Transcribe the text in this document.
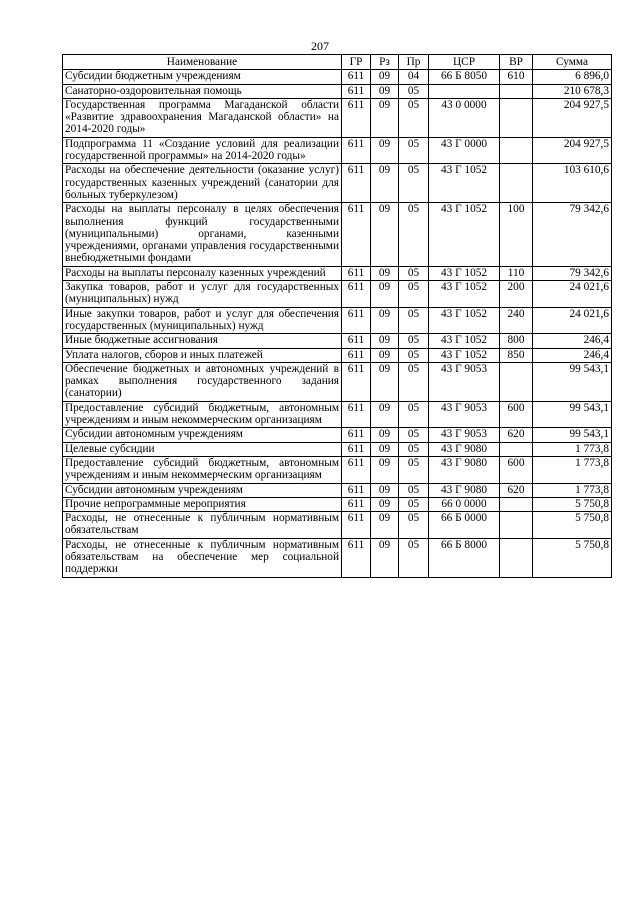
207
Наименование	ГР	Рз	Пр	ЦСР	ВР	Сумма
Субсидии бюджетным учреждениям	611	09	04	66 Б 8050	610	6 896,0
Санаторно-оздоровительная помощь	611	09	05			210 678,3
Государственная программа Магаданской области «Развитие здравоохранения Магаданской области» на 2014-2020 годы»	611	09	05	43 0 0000		204 927,5
Подпрограмма 11 «Создание условий для реализации государственной программы» на 2014-2020 годы»	611	09	05	43 Г 0000		204 927,5
Расходы на обеспечение деятельности (оказание услуг) государственных казенных учреждений (санатории для больных туберкулезом)	611	09	05	43 Г 1052		103 610,6
Расходы на выплаты персоналу в целях обеспечения выполнения функций государственными (муниципальными) органами, казенными учреждениями, органами управления государственными внебюджетными фондами	611	09	05	43 Г 1052	100	79 342,6
Расходы на выплаты персоналу казенных учреждений	611	09	05	43 Г 1052	110	79 342,6
Закупка товаров, работ и услуг для государственных (муниципальных) нужд	611	09	05	43 Г 1052	200	24 021,6
Иные закупки товаров, работ и услуг для обеспечения государственных (муниципальных) нужд	611	09	05	43 Г 1052	240	24 021,6
Иные бюджетные ассигнования	611	09	05	43 Г 1052	800	246,4
Уплата налогов, сборов и иных платежей	611	09	05	43 Г 1052	850	246,4
Обеспечение бюджетных и автономных учреждений в рамках выполнения государственного задания (санатории)	611	09	05	43 Г 9053		99 543,1
Предоставление субсидий бюджетным, автономным учреждениям и иным некоммерческим организациям	611	09	05	43 Г 9053	600	99 543,1
Субсидии автономным учреждениям	611	09	05	43 Г 9053	620	99 543,1
Целевые субсидии	611	09	05	43 Г 9080		1 773,8
Предоставление субсидий бюджетным, автономным учреждениям и иным некоммерческим организациям	611	09	05	43 Г 9080	600	1 773,8
Субсидии автономным учреждениям	611	09	05	43 Г 9080	620	1 773,8
Прочие непрограммные мероприятия	611	09	05	66 0 0000		5 750,8
Расходы, не отнесенные к публичным нормативным обязательствам	611	09	05	66 Б 0000		5 750,8
Расходы, не отнесенные к публичным нормативным обязательствам на обеспечение мер социальной поддержки	611	09	05	66 Б 8000		5 750,8
